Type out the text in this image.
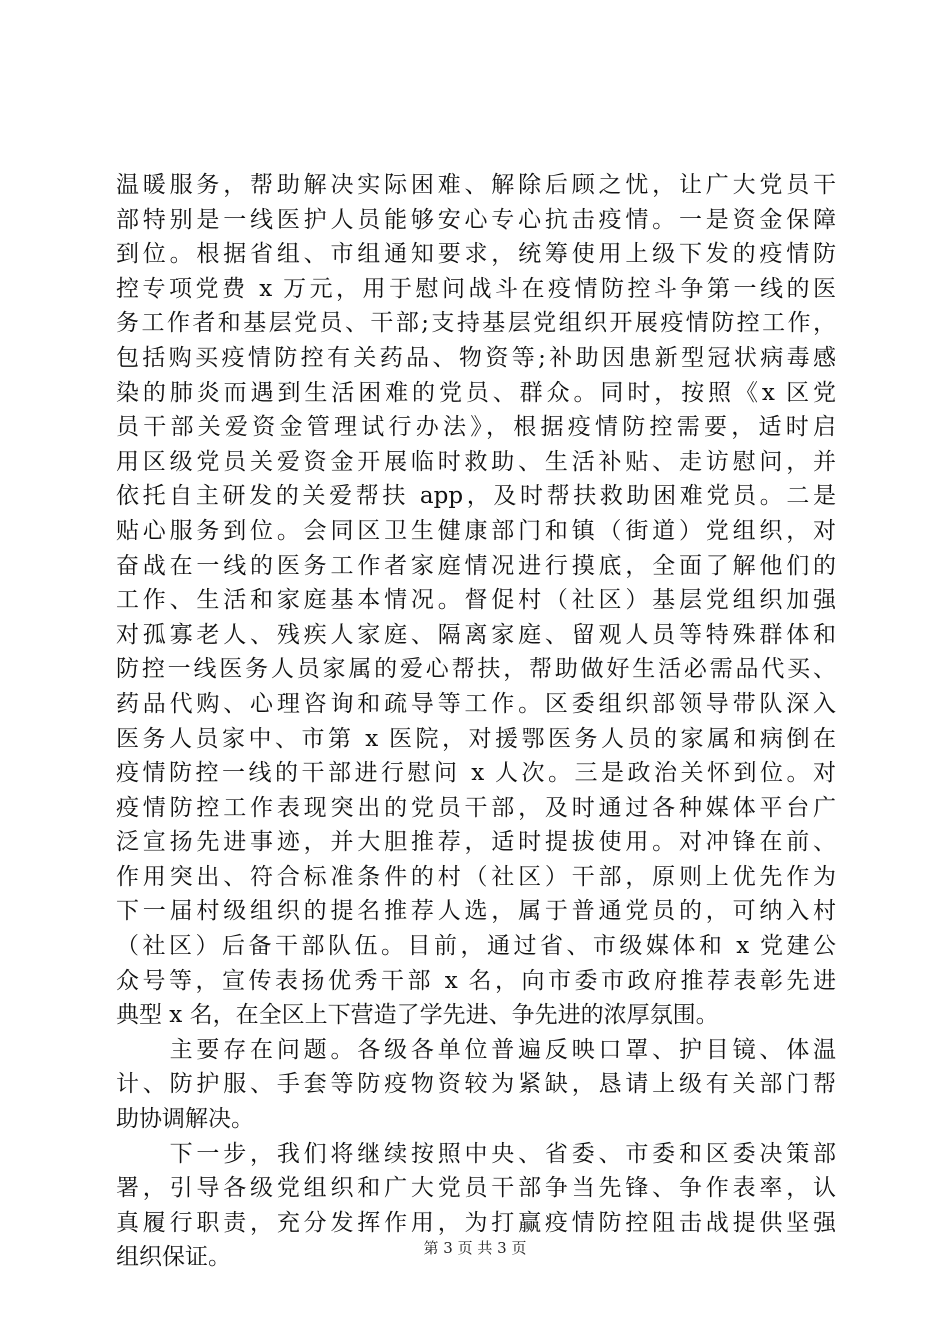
温暖服务，帮助解决实际困难、解除后顾之忧，让广大党员干
部特别是一线医护人员能够安心专心抗击疫情。一是资金保障
到位。根据省组、市组通知要求，统筹使用上级下发的疫情防
控专项党费 x 万元，用于慰问战斗在疫情防控斗争第一线的医
务工作者和基层党员、干部;支持基层党组织开展疫情防控工作，
包括购买疫情防控有关药品、物资等;补助因患新型冠状病毒感
染的肺炎而遇到生活困难的党员、群众。同时，按照《x 区党
员干部关爱资金管理试行办法》，根据疫情防控需要，适时启
用区级党员关爱资金开展临时救助、生活补贴、走访慰问，并
依托自主研发的关爱帮扶 app，及时帮扶救助困难党员。二是
贴心服务到位。会同区卫生健康部门和镇（街道）党组织，对
奋战在一线的医务工作者家庭情况进行摸底，全面了解他们的
工作、生活和家庭基本情况。督促村（社区）基层党组织加强
对孤寡老人、残疾人家庭、隔离家庭、留观人员等特殊群体和
防控一线医务人员家属的爱心帮扶，帮助做好生活必需品代买、
药品代购、心理咨询和疏导等工作。区委组织部领导带队深入
医务人员家中、市第 x 医院，对援鄂医务人员的家属和病倒在
疫情防控一线的干部进行慰问 x 人次。三是政治关怀到位。对
疫情防控工作表现突出的党员干部，及时通过各种媒体平台广
泛宣扬先进事迹，并大胆推荐，适时提拔使用。对冲锋在前、
作用突出、符合标准条件的村（社区）干部，原则上优先作为
下一届村级组织的提名推荐人选，属于普通党员的，可纳入村
（社区）后备干部队伍。目前，通过省、市级媒体和 x 党建公
众号等，宣传表扬优秀干部 x 名，向市委市政府推荐表彰先进
典型 x 名，在全区上下营造了学先进、争先进的浓厚氛围。
　　主要存在问题。各级各单位普遍反映口罩、护目镜、体温
计、防护服、手套等防疫物资较为紧缺，恳请上级有关部门帮
助协调解决。
　　下一步，我们将继续按照中央、省委、市委和区委决策部
署，引导各级党组织和广大党员干部争当先锋、争作表率，认
真履行职责，充分发挥作用，为打赢疫情防控阻击战提供坚强
组织保证。	第 3 页 共 3 页
